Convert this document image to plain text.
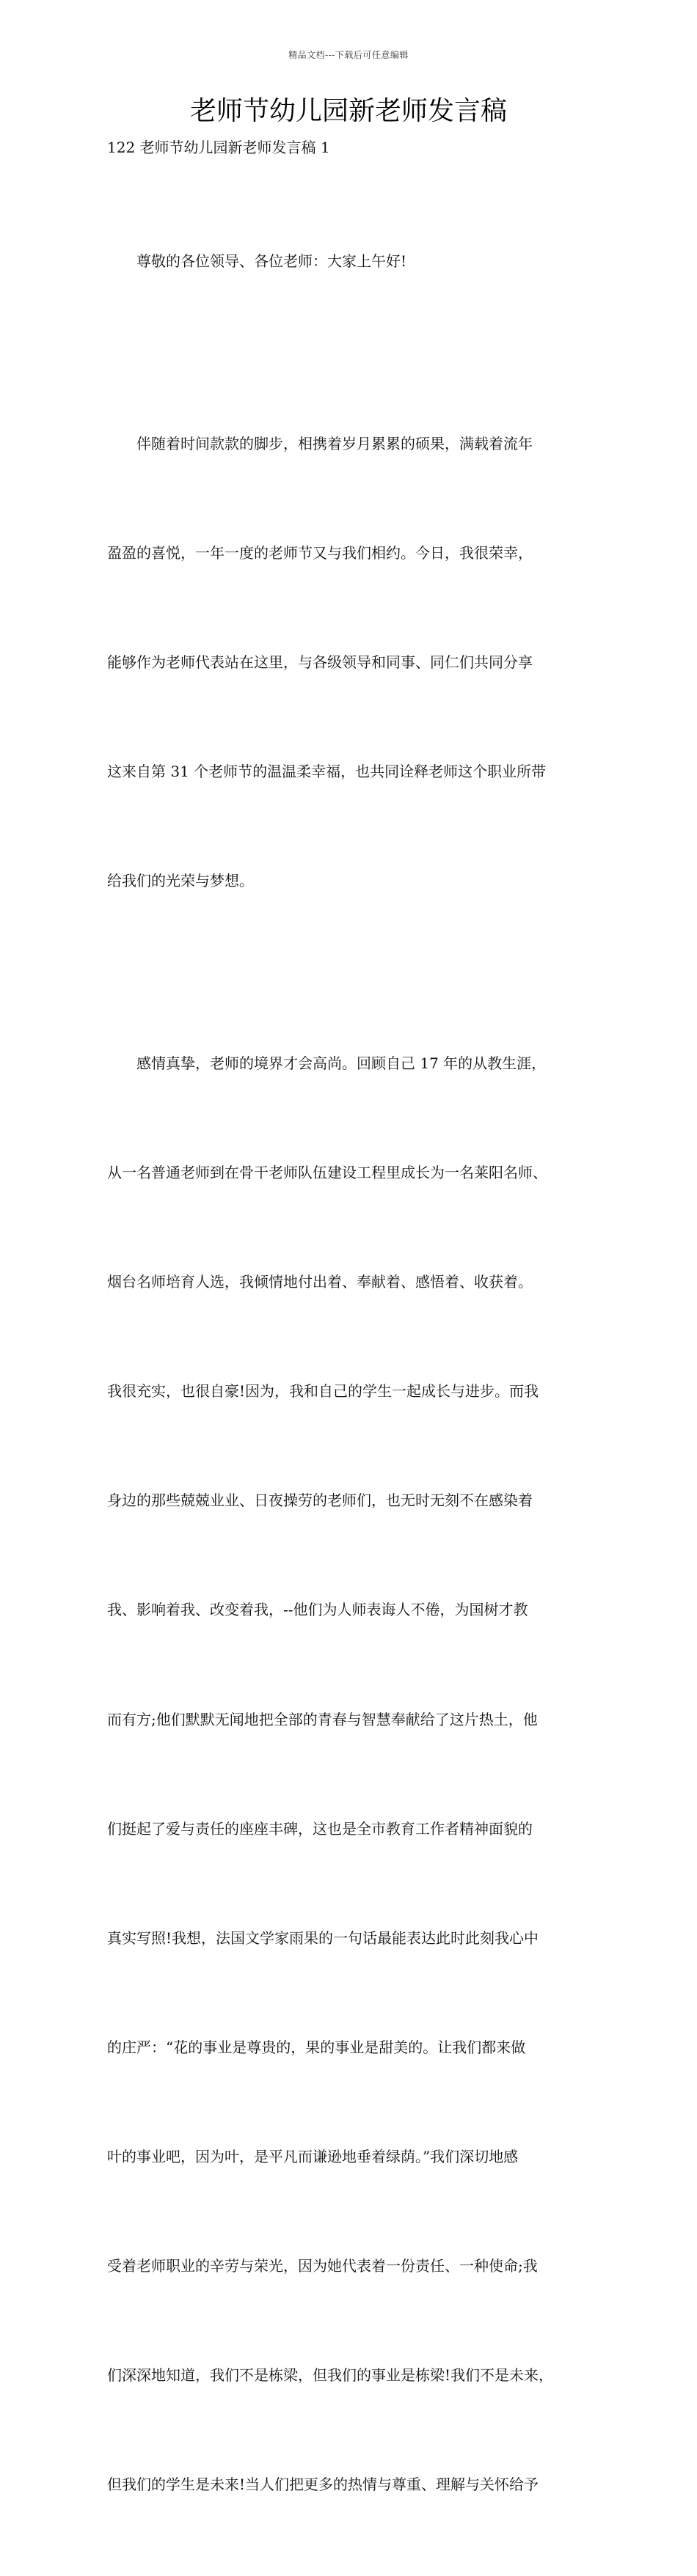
精品文档---下载后可任意编辑
老师节幼儿园新老师发言稿
122 老师节幼儿园新老师发言稿 1

尊敬的各位领导、各位老师：大家上午好!

伴随着时间款款的脚步，相携着岁月累累的硕果，满载着流年

盈盈的喜悦，一年一度的老师节又与我们相约。今日，我很荣幸，

能够作为老师代表站在这里，与各级领导和同事、同仁们共同分享

这来自第 31 个老师节的温温柔幸福，也共同诠释老师这个职业所带

给我们的光荣与梦想。

感情真挚，老师的境界才会高尚。回顾自己 17 年的从教生涯，

从一名普通老师到在骨干老师队伍建设工程里成长为一名莱阳名师、

烟台名师培育人选，我倾情地付出着、奉献着、感悟着、收获着。

我很充实，也很自豪!因为，我和自己的学生一起成长与进步。而我

身边的那些兢兢业业、日夜操劳的老师们，也无时无刻不在感染着

我、影响着我、改变着我，--他们为人师表诲人不倦，为国树才教

而有方;他们默默无闻地把全部的青春与智慧奉献给了这片热土，他

们挺起了爱与责任的座座丰碑，这也是全市教育工作者精神面貌的

真实写照!我想，法国文学家雨果的一句话最能表达此时此刻我心中

的庄严：“花的事业是尊贵的，果的事业是甜美的。让我们都来做

叶的事业吧，因为叶，是平凡而谦逊地垂着绿荫。”我们深切地感

受着老师职业的辛劳与荣光，因为她代表着一份责任、一种使命;我

们深深地知道，我们不是栋梁，但我们的事业是栋梁!我们不是未来，

但我们的学生是未来!当人们把更多的热情与尊重、理解与关怀给予
